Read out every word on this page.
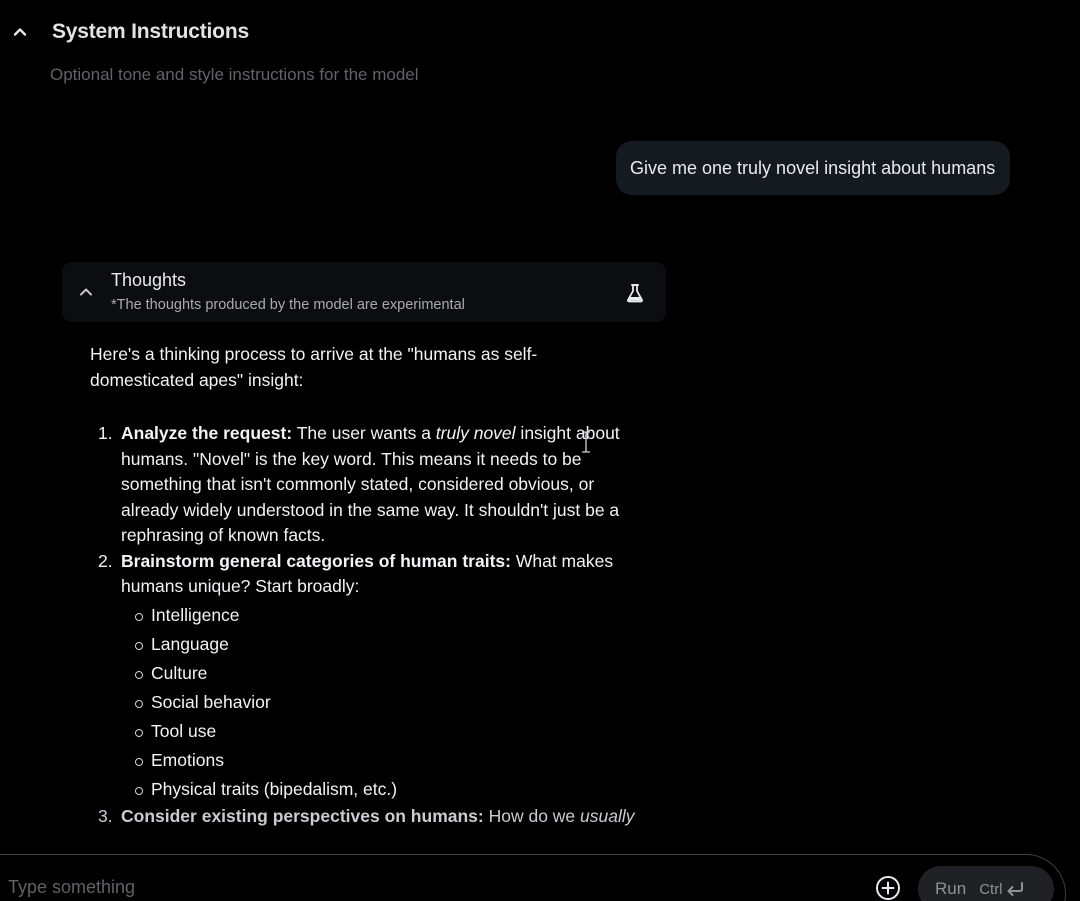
System Instructions
Optional tone and style instructions for the model
Give me one truly novel insight about humans
Thoughts
*The thoughts produced by the model are experimental

Here's a thinking process to arrive at the "humans as self-domesticated apes" insight:

1. Analyze the request: The user wants a truly novel insight about humans. "Novel" is the key word. This means it needs to be something that isn't commonly stated, considered obvious, or already widely understood in the same way. It shouldn't just be a rephrasing of known facts.
2. Brainstorm general categories of human traits: What makes humans unique? Start broadly:
Intelligence
Language
Culture
Social behavior
Tool use
Emotions
Physical traits (bipedalism, etc.)
3. Consider existing perspectives on humans: How do we usually
Type something
Run Ctrl
